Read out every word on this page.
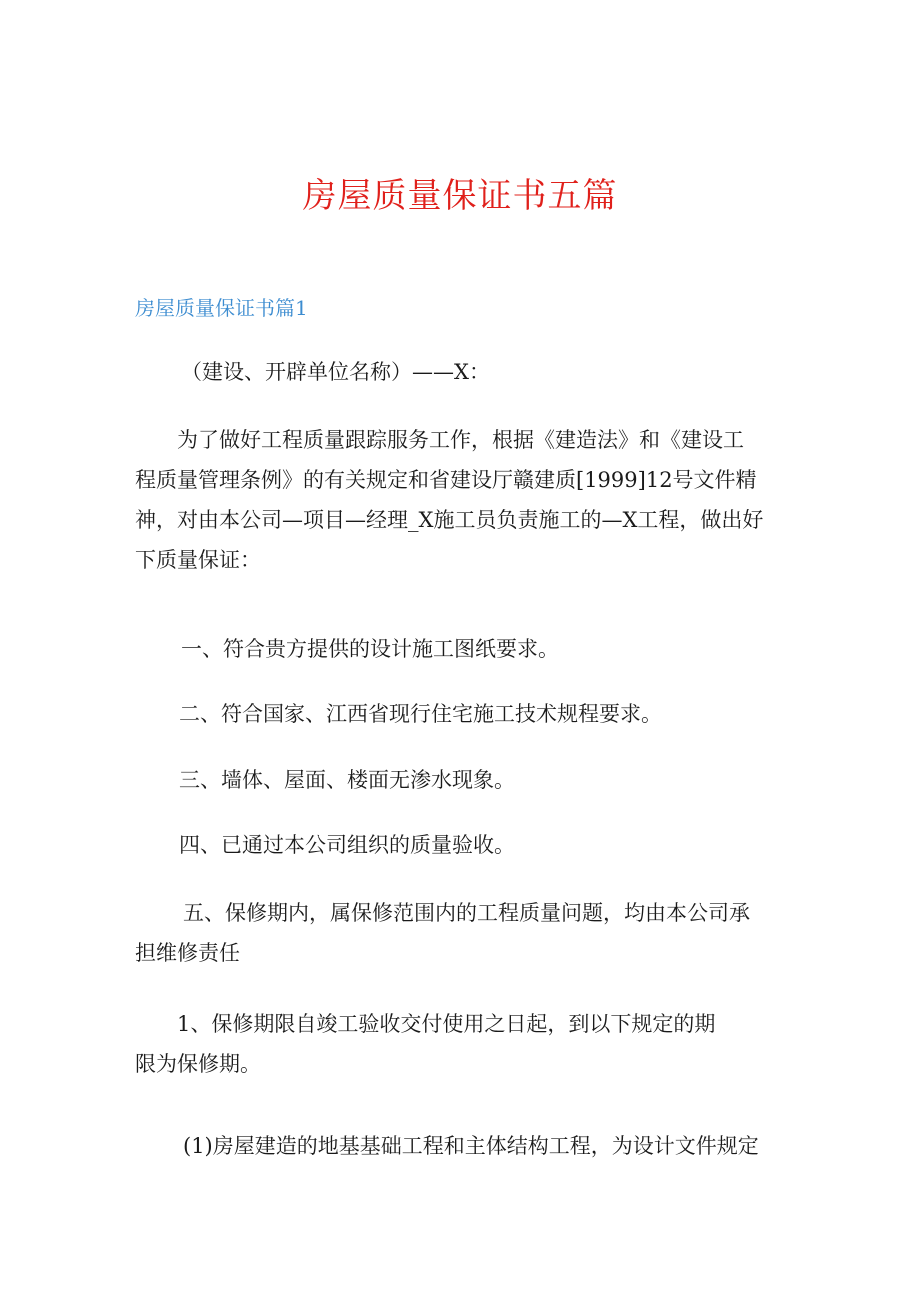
房屋质量保证书五篇
房屋质量保证书篇1
（建设、开辟单位名称）——X：
为了做好工程质量跟踪服务工作，根据《建造法》和《建设工
程质量管理条例》的有关规定和省建设厅赣建质[1999]12号文件精
神，对由本公司—项目—经理_X施工员负责施工的—X工程，做出好
下质量保证：
一、符合贵方提供的设计施工图纸要求。
二、符合国家、江西省现行住宅施工技术规程要求。
三、墙体、屋面、楼面无渗水现象。
四、已通过本公司组织的质量验收。
五、保修期内，属保修范围内的工程质量问题，均由本公司承
担维修责任
1、保修期限自竣工验收交付使用之日起，到以下规定的期
限为保修期。
(1)房屋建造的地基基础工程和主体结构工程，为设计文件规定
